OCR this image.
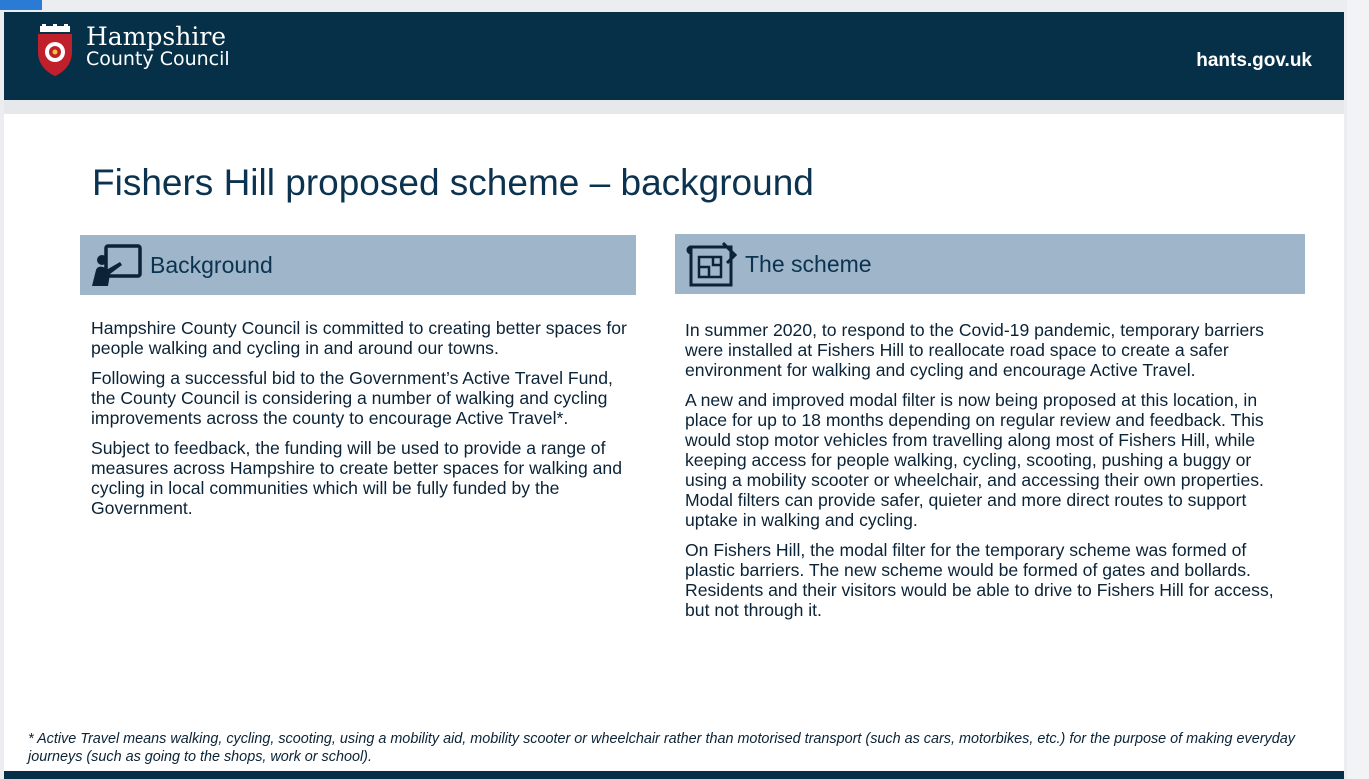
Hampshire
County Council	hants.gov.uk
Fishers Hill proposed scheme – background
Background	The scheme

Hampshire County Council is committed to creating better spaces for people walking and cycling in and around our towns.

Following a successful bid to the Government’s Active Travel Fund, the County Council is considering a number of walking and cycling improvements across the county to encourage Active Travel*.

Subject to feedback, the funding will be used to provide a range of measures across Hampshire to create better spaces for walking and cycling in local communities which will be fully funded by the Government.

In summer 2020, to respond to the Covid-19 pandemic, temporary barriers were installed at Fishers Hill to reallocate road space to create a safer environment for walking and cycling and encourage Active Travel.

A new and improved modal filter is now being proposed at this location, in place for up to 18 months depending on regular review and feedback. This would stop motor vehicles from travelling along most of Fishers Hill, while keeping access for people walking, cycling, scooting, pushing a buggy or using a mobility scooter or wheelchair, and accessing their own properties. Modal filters can provide safer, quieter and more direct routes to support uptake in walking and cycling.

On Fishers Hill, the modal filter for the temporary scheme was formed of plastic barriers. The new scheme would be formed of gates and bollards. Residents and their visitors would be able to drive to Fishers Hill for access, but not through it.

* Active Travel means walking, cycling, scooting, using a mobility aid, mobility scooter or wheelchair rather than motorised transport (such as cars, motorbikes, etc.) for the purpose of making everyday journeys (such as going to the shops, work or school).
